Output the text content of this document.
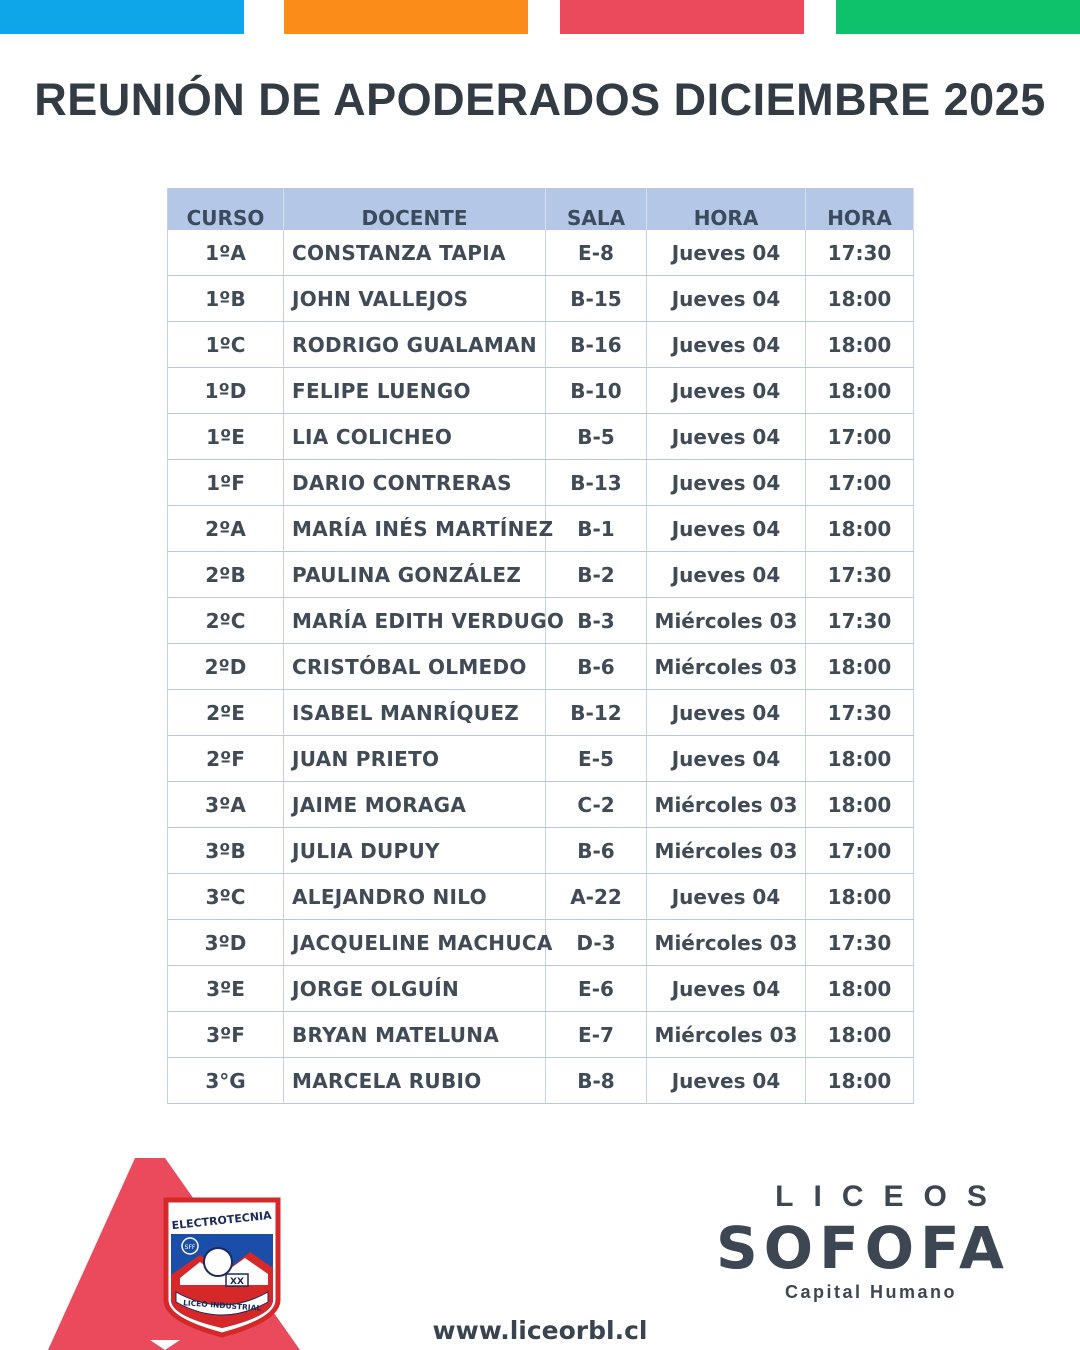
REUNIÓN DE APODERADOS DICIEMBRE 2025
CURSO	DOCENTE	SALA	HORA	HORA
1ºA	CONSTANZA TAPIA	E-8	Jueves 04	17:30
1ºB	JOHN VALLEJOS	B-15	Jueves 04	18:00
1ºC	RODRIGO GUALAMAN	B-16	Jueves 04	18:00
1ºD	FELIPE LUENGO	B-10	Jueves 04	18:00
1ºE	LIA COLICHEO	B-5	Jueves 04	17:00
1ºF	DARIO CONTRERAS	B-13	Jueves 04	17:00
2ºA	MARÍA INÉS MARTÍNEZ	B-1	Jueves 04	18:00
2ºB	PAULINA GONZÁLEZ	B-2	Jueves 04	17:30
2ºC	MARÍA EDITH VERDUGO	B-3	Miércoles 03	17:30
2ºD	CRISTÓBAL OLMEDO	B-6	Miércoles 03	18:00
2ºE	ISABEL MANRÍQUEZ	B-12	Jueves 04	17:30
2ºF	JUAN PRIETO	E-5	Jueves 04	18:00
3ºA	JAIME MORAGA	C-2	Miércoles 03	18:00
3ºB	JULIA DUPUY	B-6	Miércoles 03	17:00
3ºC	ALEJANDRO NILO	A-22	Jueves 04	18:00
3ºD	JACQUELINE MACHUCA	D-3	Miércoles 03	17:30
3ºE	JORGE OLGUÍN	E-6	Jueves 04	18:00
3ºF	BRYAN MATELUNA	E-7	Miércoles 03	18:00
3°G	MARCELA RUBIO	B-8	Jueves 04	18:00
ELECTROTECNIA
SFF
XX
LICEO INDUSTRIAL
LICEOS
SOFOFA
Capital Humano
www.liceorbl.cl
